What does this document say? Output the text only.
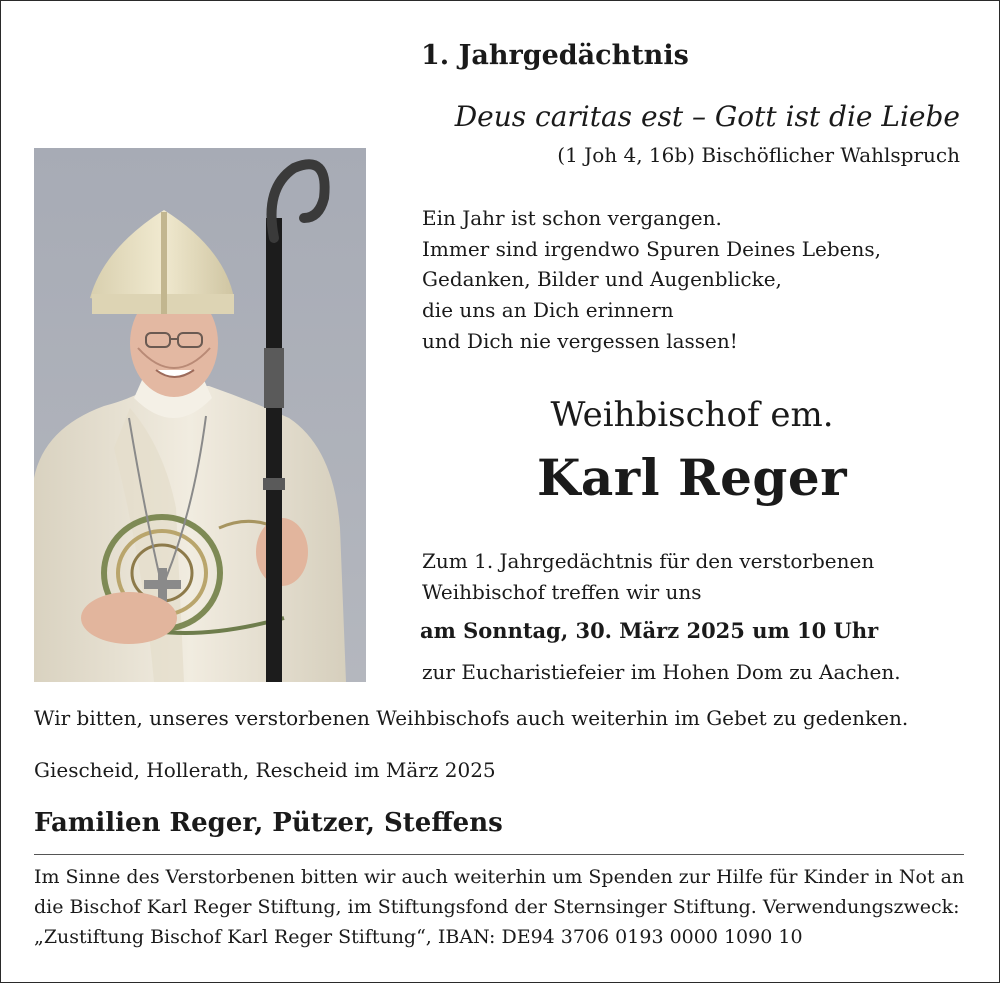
1. Jahrgedächtnis
Deus caritas est – Gott ist die Liebe
(1 Joh 4, 16b) Bischöflicher Wahlspruch
Ein Jahr ist schon vergangen.
Immer sind irgendwo Spuren Deines Lebens,
Gedanken, Bilder und Augenblicke,
die uns an Dich erinnern
und Dich nie vergessen lassen!
Weihbischof em.
Karl Reger
Zum 1. Jahrgedächtnis für den verstorbenen
Weihbischof treffen wir uns
am Sonntag, 30. März 2025 um 10 Uhr
zur Eucharistiefeier im Hohen Dom zu Aachen.
Wir bitten, unseres verstorbenen Weihbischofs auch weiterhin im Gebet zu gedenken.
Giescheid, Hollerath, Rescheid im März 2025
Familien Reger, Pützer, Steffens
Im Sinne des Verstorbenen bitten wir auch weiterhin um Spenden zur Hilfe für Kinder in Not an
die Bischof Karl Reger Stiftung, im Stiftungsfond der Sternsinger Stiftung. Verwendungszweck:
„Zustiftung Bischof Karl Reger Stiftung“, IBAN: DE94 3706 0193 0000 1090 10
